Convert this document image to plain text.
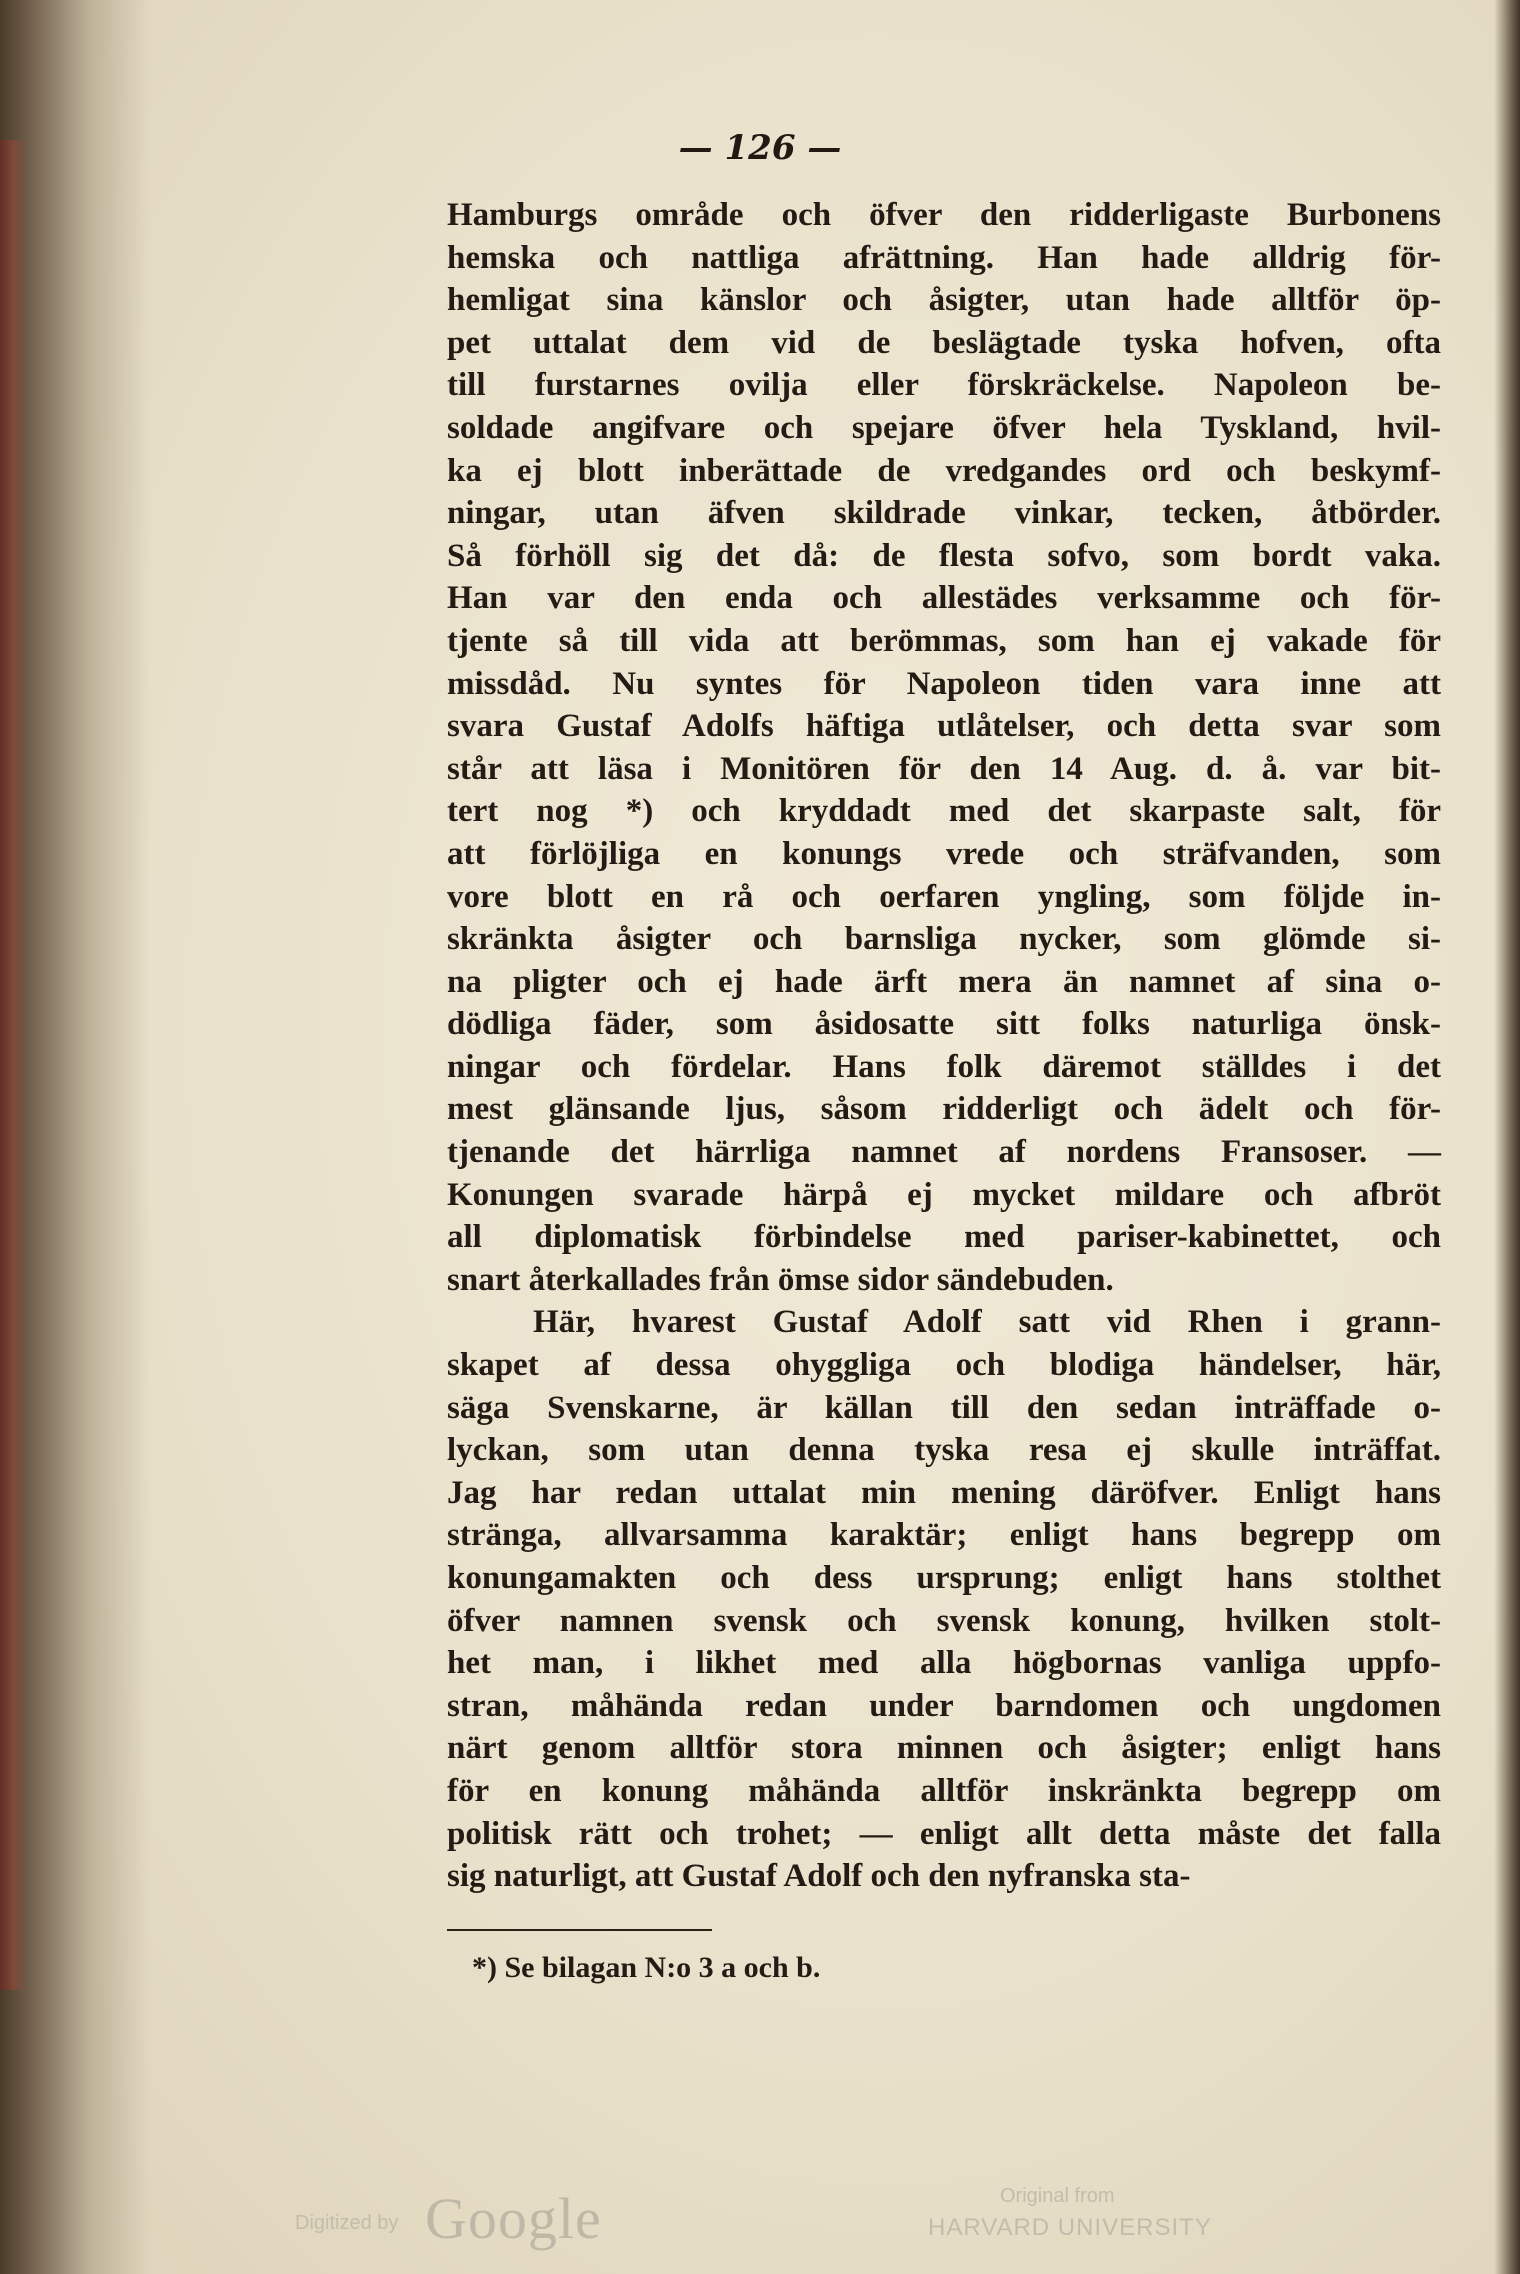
— 126 —
Hamburgs område och öfver den ridderligaste Burbonens
hemska och nattliga afrättning. Han hade alldrig för-
hemligat sina känslor och åsigter, utan hade alltför öp-
pet uttalat dem vid de beslägtade tyska hofven, ofta
till furstarnes ovilja eller förskräckelse. Napoleon be-
soldade angifvare och spejare öfver hela Tyskland, hvil-
ka ej blott inberättade de vredgandes ord och beskymf-
ningar, utan äfven skildrade vinkar, tecken, åtbörder.
Så förhöll sig det då: de flesta sofvo, som bordt vaka.
Han var den enda och allestädes verksamme och för-
tjente så till vida att berömmas, som han ej vakade för
missdåd. Nu syntes för Napoleon tiden vara inne att
svara Gustaf Adolfs häftiga utlåtelser, och detta svar som
står att läsa i Monitören för den 14 Aug. d. å. var bit-
tert nog *) och kryddadt med det skarpaste salt, för
att förlöjliga en konungs vrede och sträfvanden, som
vore blott en rå och oerfaren yngling, som följde in-
skränkta åsigter och barnsliga nycker, som glömde si-
na pligter och ej hade ärft mera än namnet af sina o-
dödliga fäder, som åsidosatte sitt folks naturliga önsk-
ningar och fördelar. Hans folk däremot ställdes i det
mest glänsande ljus, såsom ridderligt och ädelt och för-
tjenande det härrliga namnet af nordens Fransoser. —
Konungen svarade härpå ej mycket mildare och afbröt
all diplomatisk förbindelse med pariser-kabinettet, och
snart återkallades från ömse sidor sändebuden.
Här, hvarest Gustaf Adolf satt vid Rhen i grann-
skapet af dessa ohyggliga och blodiga händelser, här,
säga Svenskarne, är källan till den sedan inträffade o-
lyckan, som utan denna tyska resa ej skulle inträffat.
Jag har redan uttalat min mening däröfver. Enligt hans
stränga, allvarsamma karaktär; enligt hans begrepp om
konungamakten och dess ursprung; enligt hans stolthet
öfver namnen svensk och svensk konung, hvilken stolt-
het man, i likhet med alla högbornas vanliga uppfo-
stran, måhända redan under barndomen och ungdomen
närt genom alltför stora minnen och åsigter; enligt hans
för en konung måhända alltför inskränkta begrepp om
politisk rätt och trohet; — enligt allt detta måste det falla
sig naturligt, att Gustaf Adolf och den nyfranska sta-
*) Se bilagan N:o 3 a och b.
Digitized by Google	Original from
HARVARD UNIVERSITY
